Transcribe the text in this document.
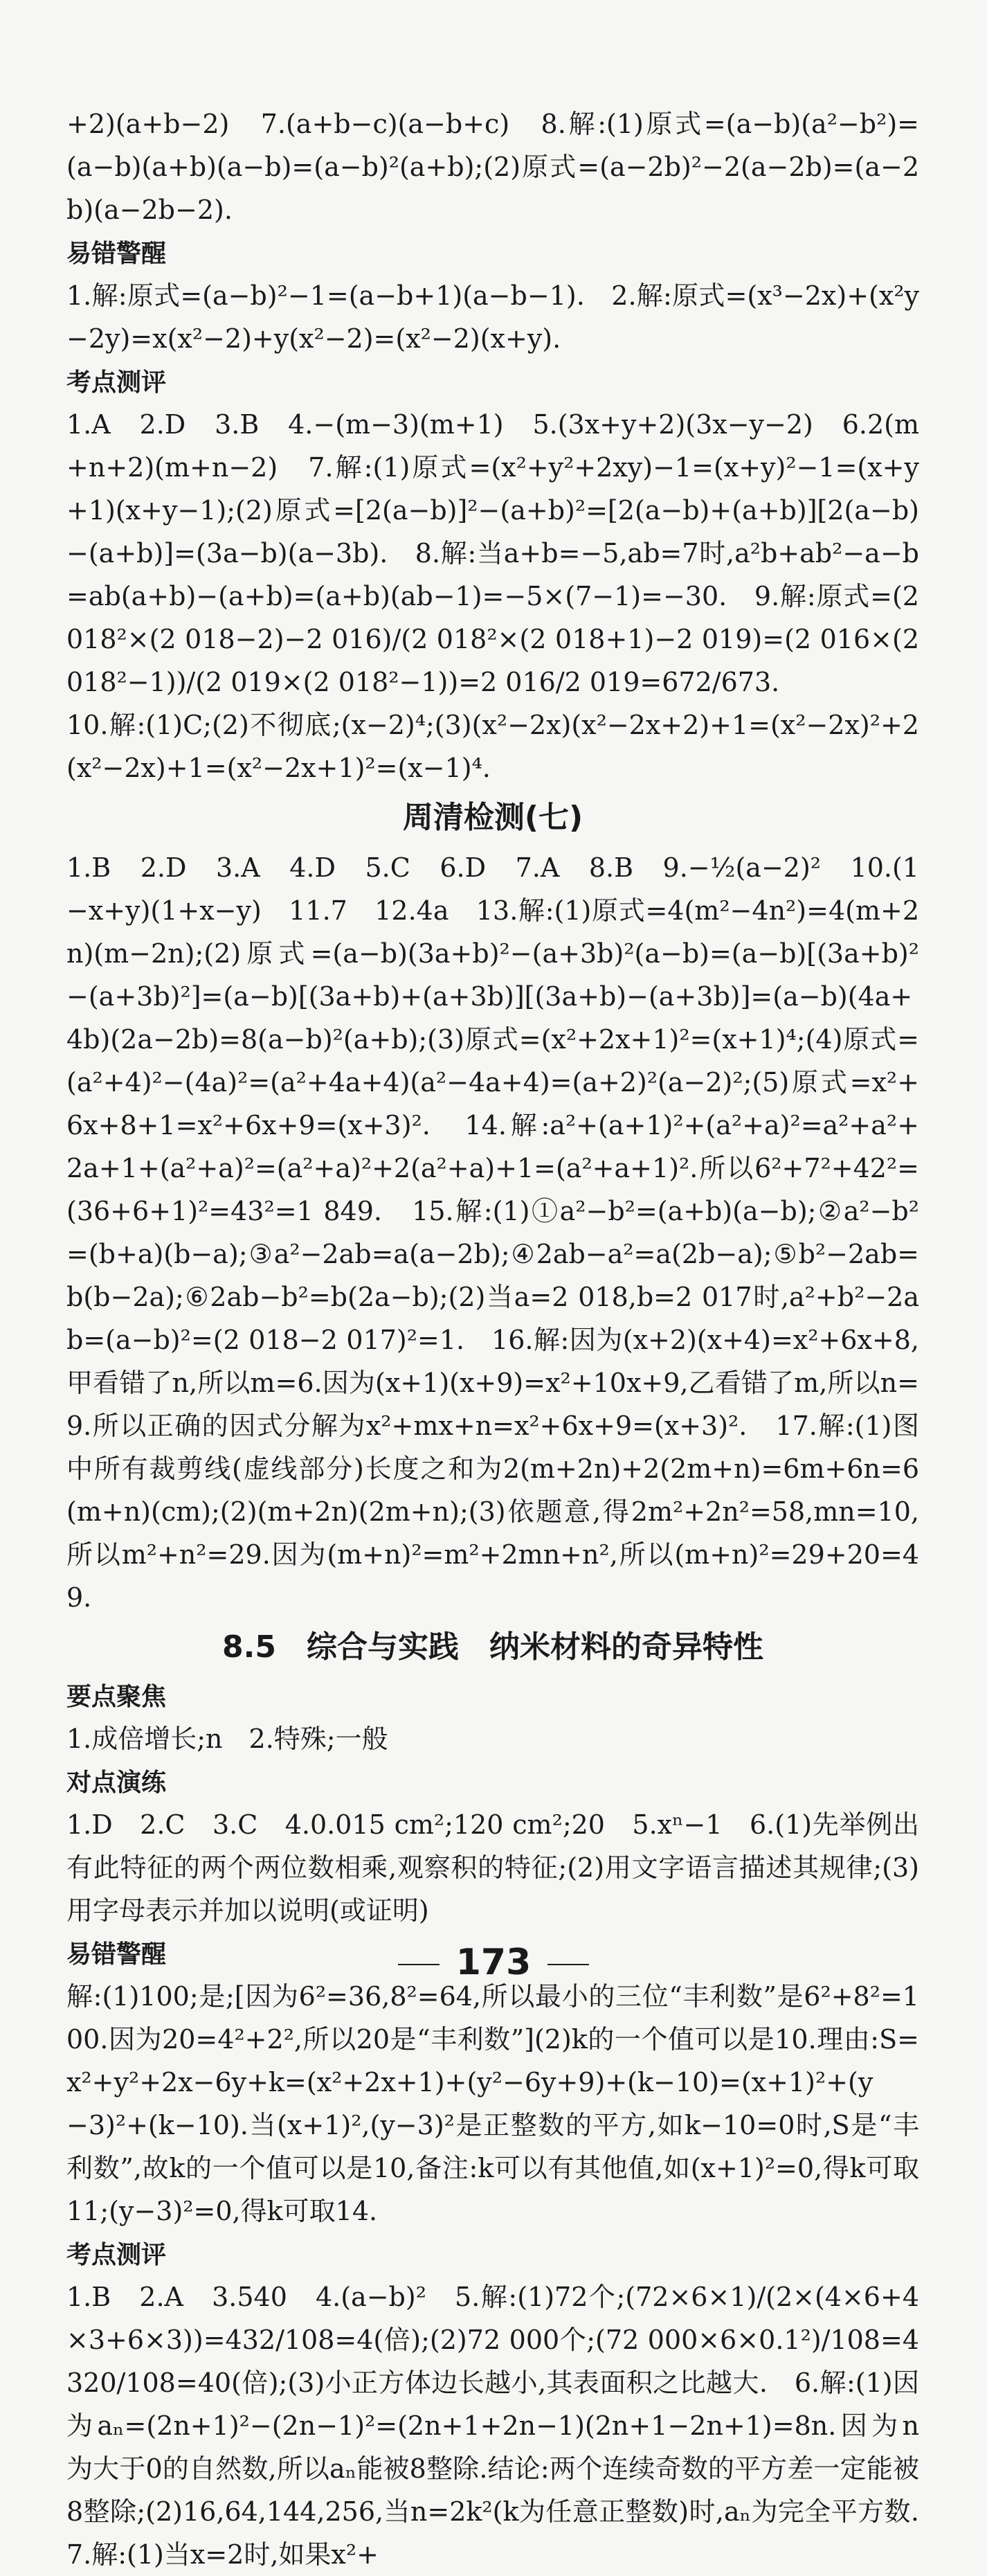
+2)(a+b−2)　7.(a+b−c)(a−b+c)　8.解:(1)原式=(a−b)(a²−b²)=(a−b)(a+b)(a−b)=(a−b)²(a+b);(2)原式=(a−2b)²−2(a−2b)=(a−2b)(a−2b−2).

易错警醒

1.解:原式=(a−b)²−1=(a−b+1)(a−b−1).　2.解:原式=(x³−2x)+(x²y−2y)=x(x²−2)+y(x²−2)=(x²−2)(x+y).

考点测评

1.A　2.D　3.B　4.−(m−3)(m+1)　5.(3x+y+2)(3x−y−2)　6.2(m+n+2)(m+n−2)　7.解:(1)原式=(x²+y²+2xy)−1=(x+y)²−1=(x+y+1)(x+y−1);(2)原式=[2(a−b)]²−(a+b)²=[2(a−b)+(a+b)][2(a−b)−(a+b)]=(3a−b)(a−3b).　8.解:当a+b=−5,ab=7时,a²b+ab²−a−b=ab(a+b)−(a+b)=(a+b)(ab−1)=−5×(7−1)=−30.　9.解:原式=(2 018²×(2 018−2)−2 016)/(2 018²×(2 018+1)−2 019)=(2 016×(2 018²−1))/(2 019×(2 018²−1))=2 016/2 019=672/673.

10.解:(1)C;(2)不彻底;(x−2)⁴;(3)(x²−2x)(x²−2x+2)+1=(x²−2x)²+2(x²−2x)+1=(x²−2x+1)²=(x−1)⁴.

周清检测(七)

1.B　2.D　3.A　4.D　5.C　6.D　7.A　8.B　9.−½(a−2)²　10.(1−x+y)(1+x−y)　11.7　12.4a　13.解:(1)原式=4(m²−4n²)=4(m+2n)(m−2n);(2)原式=(a−b)(3a+b)²−(a+3b)²(a−b)=(a−b)[(3a+b)²−(a+3b)²]=(a−b)[(3a+b)+(a+3b)][(3a+b)−(a+3b)]=(a−b)(4a+4b)(2a−2b)=8(a−b)²(a+b);(3)原式=(x²+2x+1)²=(x+1)⁴;(4)原式=(a²+4)²−(4a)²=(a²+4a+4)(a²−4a+4)=(a+2)²(a−2)²;(5)原式=x²+6x+8+1=x²+6x+9=(x+3)².　14.解:a²+(a+1)²+(a²+a)²=a²+a²+2a+1+(a²+a)²=(a²+a)²+2(a²+a)+1=(a²+a+1)².所以6²+7²+42²=(36+6+1)²=43²=1 849.　15.解:(1)①a²−b²=(a+b)(a−b);②a²−b²=(b+a)(b−a);③a²−2ab=a(a−2b);④2ab−a²=a(2b−a);⑤b²−2ab=b(b−2a);⑥2ab−b²=b(2a−b);(2)当a=2 018,b=2 017时,a²+b²−2ab=(a−b)²=(2 018−2 017)²=1.　16.解:因为(x+2)(x+4)=x²+6x+8,甲看错了n,所以m=6.因为(x+1)(x+9)=x²+10x+9,乙看错了m,所以n=9.所以正确的因式分解为x²+mx+n=x²+6x+9=(x+3)².　17.解:(1)图中所有裁剪线(虚线部分)长度之和为2(m+2n)+2(2m+n)=6m+6n=6(m+n)(cm);(2)(m+2n)(2m+n);(3)依题意,得2m²+2n²=58,mn=10,所以m²+n²=29.因为(m+n)²=m²+2mn+n²,所以(m+n)²=29+20=49.

8.5　综合与实践　纳米材料的奇异特性
要点聚焦

1.成倍增长;n　2.特殊;一般

对点演练

1.D　2.C　3.C　4.0.015 cm²;120 cm²;20　5.xⁿ−1　6.(1)先举例出有此特征的两个两位数相乘,观察积的特征;(2)用文字语言描述其规律;(3)用字母表示并加以说明(或证明)

易错警醒

解:(1)100;是;[因为6²=36,8²=64,所以最小的三位“丰利数”是6²+8²=100.因为20=4²+2²,所以20是“丰利数”](2)k的一个值可以是10.理由:S=x²+y²+2x−6y+k=(x²+2x+1)+(y²−6y+9)+(k−10)=(x+1)²+(y−3)²+(k−10).当(x+1)²,(y−3)²是正整数的平方,如k−10=0时,S是“丰利数”,故k的一个值可以是10,备注:k可以有其他值,如(x+1)²=0,得k可取11;(y−3)²=0,得k可取14.

考点测评

1.B　2.A　3.540　4.(a−b)²　5.解:(1)72个;(72×6×1)/(2×(4×6+4×3+6×3))=432/108=4(倍);(2)72 000个;(72 000×6×0.1²)/108=4 320/108=40(倍);(3)小正方体边长越小,其表面积之比越大.　6.解:(1)因为aₙ=(2n+1)²−(2n−1)²=(2n+1+2n−1)(2n+1−2n+1)=8n.因为n为大于0的自然数,所以aₙ能被8整除.结论:两个连续奇数的平方差一定能被8整除;(2)16,64,144,256,当n=2k²(k为任意正整数)时,aₙ为完全平方数.　7.解:(1)当x=2时,如果x²+

173
